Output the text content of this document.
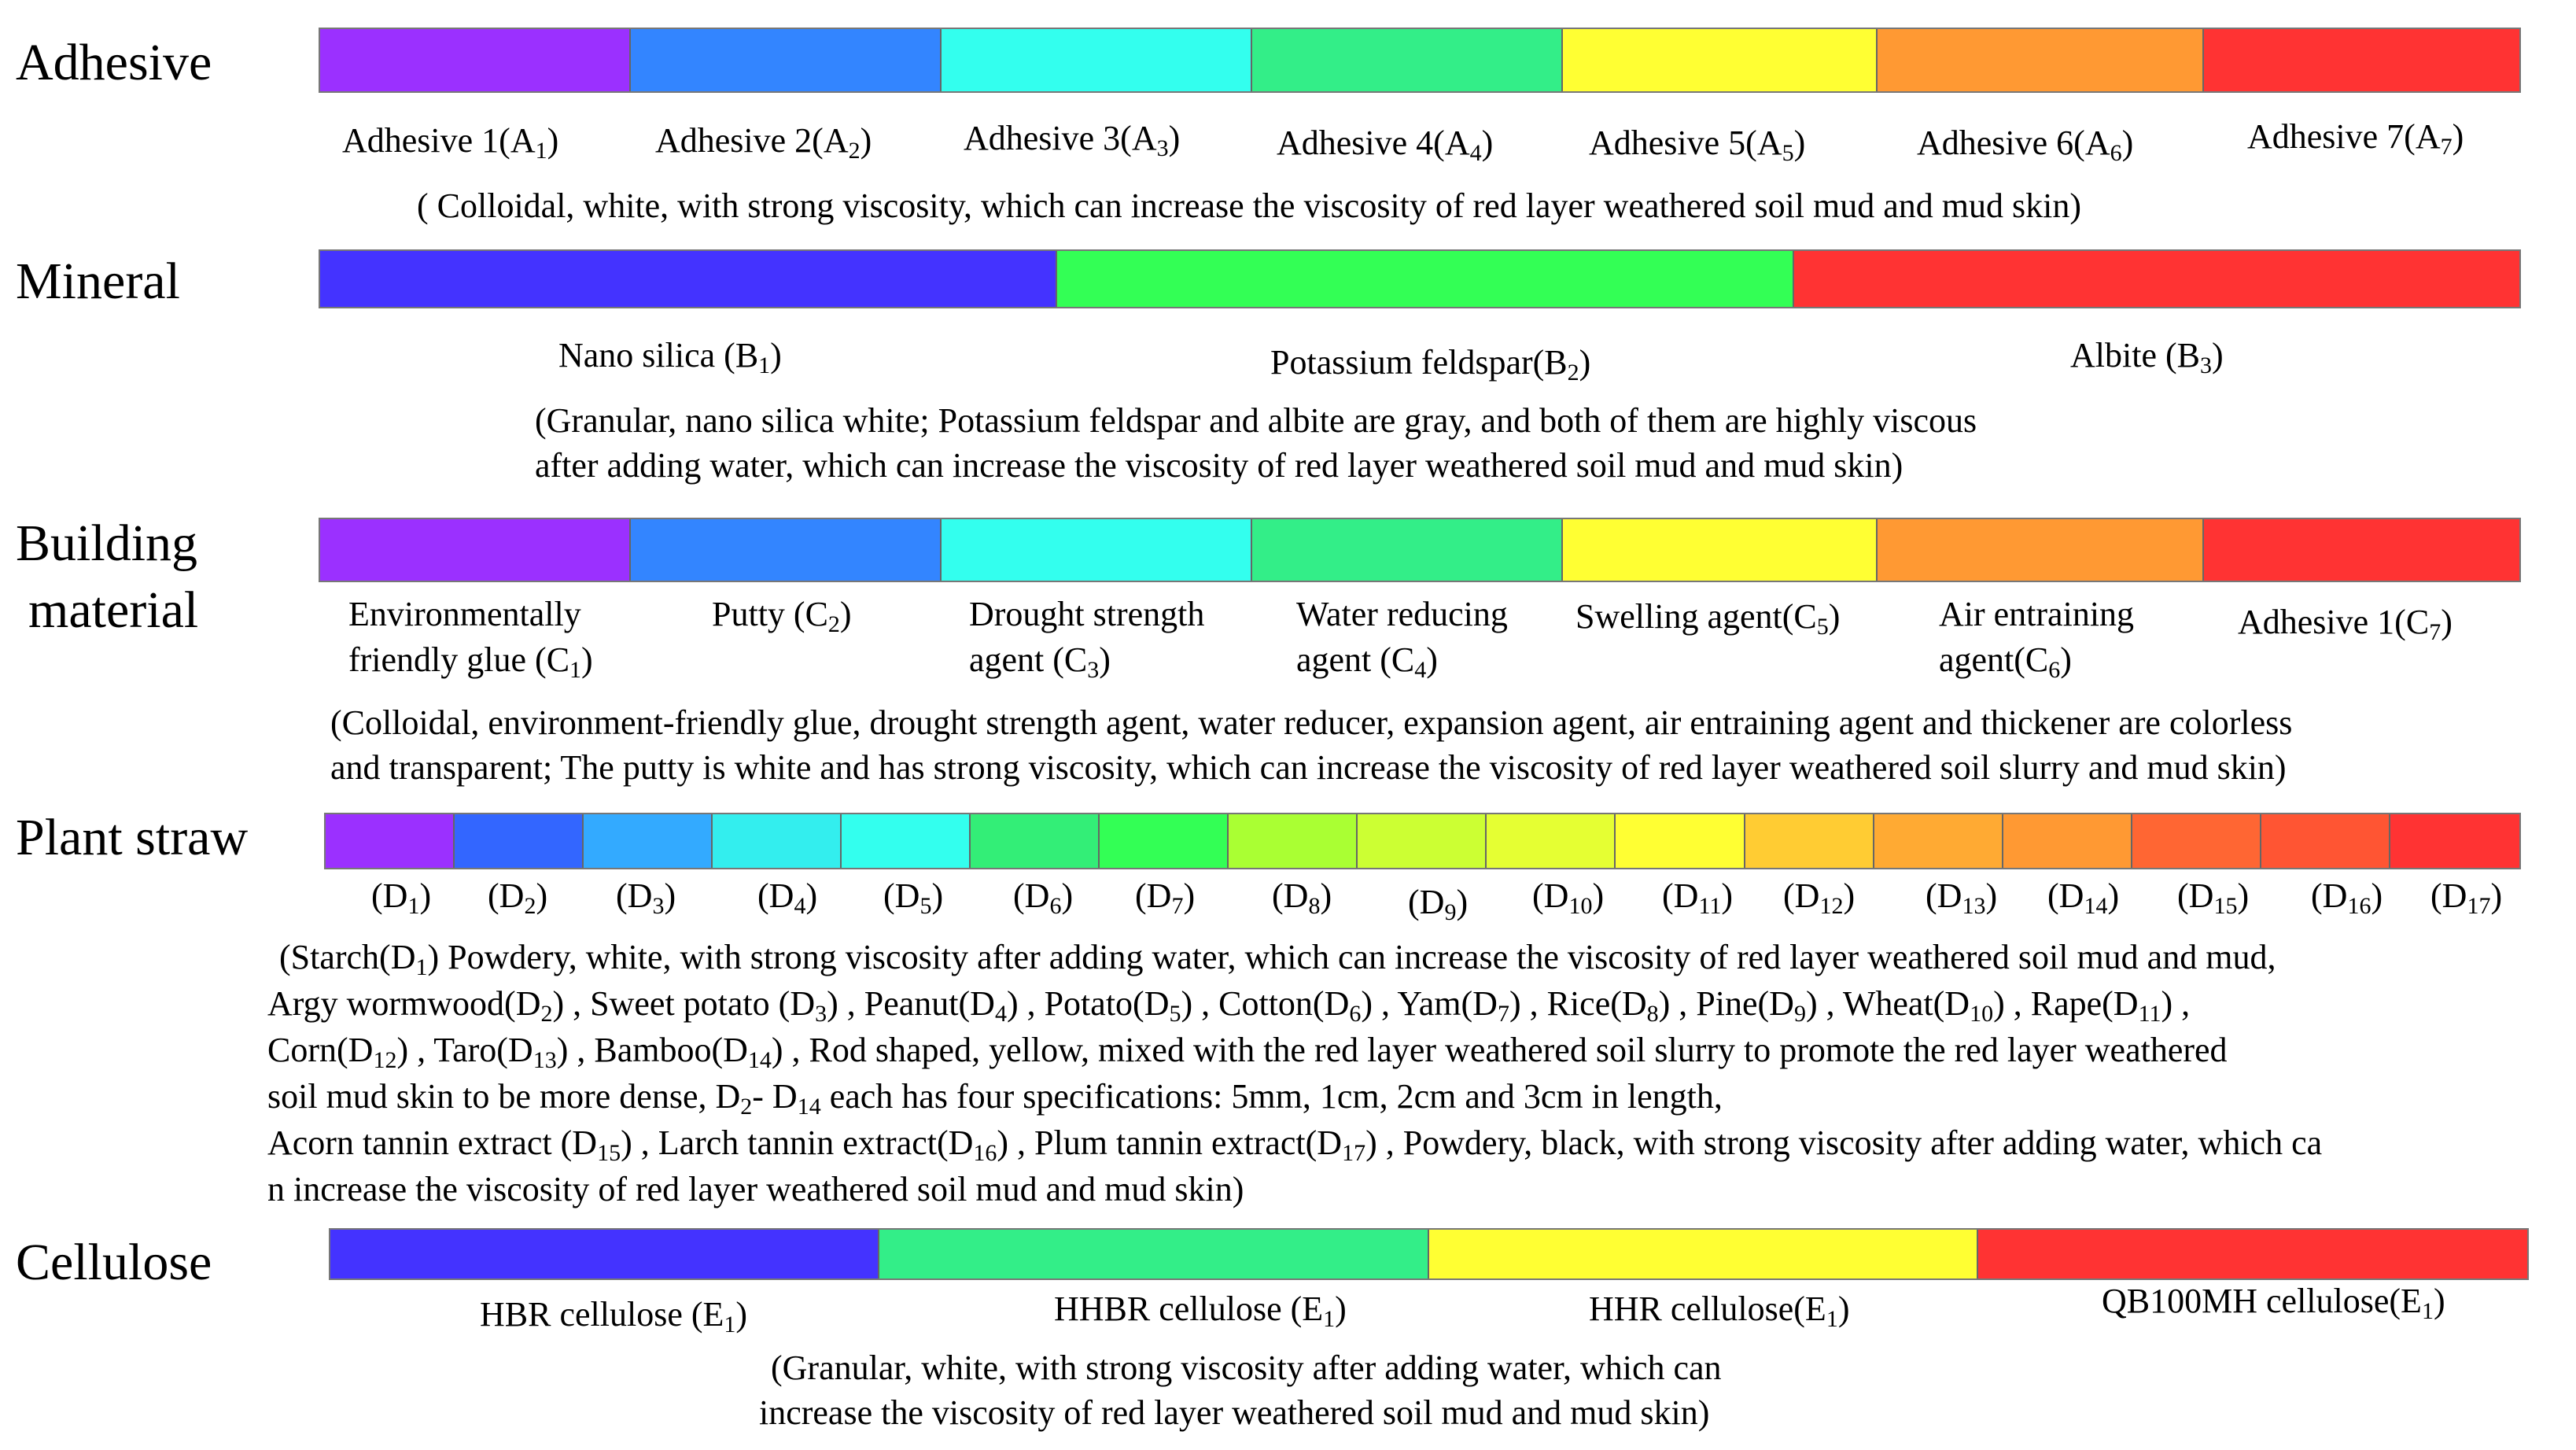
Adhesive
Adhesive $1(A_1)$	Adhesive $2(A_2)$	Adhesive $3(A_3)$	Adhesive $4(A_4)$	Adhesive $5(A_5)$	Adhesive $6(A_6)$	Adhesive $7(A_7)$
( Colloidal, white, with strong viscosity, which can increase the viscosity of red layer weathered soil mud and mud skin)
Mineral
Nano silica $(B_1)$	Potassium $feldspar(B_2)$	Albite $(B_3)$
(Granular, nano silica white; Potassium feldspar and albite are gray, and both of them are highly viscous
after adding water, which can increase the viscosity of red layer weathered soil mud and mud skin)
Building
material	Environmentally
friendly glue $(C_1)$
Putty $(C_2)$	Drought strength
agent $(C_3)$
Water reducing
agent $(C_4)$
Swelling $agent(C_5)$	Air entraining
$agent(C_6)$
Adhesive $1(C_7)$
(Colloidal, environment-friendly glue, drought strength agent, water reducer, expansion agent, air entraining agent and thickener are colorless
and transparent; The putty is white and has strong viscosity, which can increase the viscosity of red layer weathered soil slurry and mud skin)
Plant straw
$(D_1)$ $(D_2)$ $(D_3)$ $(D_4)$ $(D_5)$ $(D_6)$ $(D_7)$ $(D_8)$ $(D_9)$ $(D_{10})$ $(D_{11})$ $(D_{12})$ $(D_{13})$ $(D_{14})$ $(D_{15})$ $(D_{16})$ $(D_{17})$
($Starch(D_1)$ Powdery, white, with strong viscosity after adding water, which can increase the viscosity of red layer weathered soil mud and mud,
Argy $wormwood(D_2)$ , Sweet potato $(D_3)$ , $Peanut(D_4)$ , $Potato(D_5)$ , $Cotton(D_6)$ , $Yam(D_7)$ , $Rice(D_8)$ , $Pine(D_9)$ , $Wheat(D_{10})$ , $Rape(D_{11})$ ,
$Corn(D_{12})$ , $Taro(D_{13})$ , $Bamboo(D_{14})$ , Rod shaped, yellow, mixed with the red layer weathered soil slurry to promote the red layer weathered
soil mud skin to be more dense, $D_2-$ $D_{14}$ each has four specifications: 5mm, 1cm, 2cm and 3cm in length,
Acorn tannin extract $(D_{15})$ , Larch tannin $extract(D_{16})$ , Plum tannin $extract(D_{17})$ , Powdery, black, with strong viscosity after adding water, which ca
n increase the viscosity of red layer weathered soil mud and mud skin)
Cellulose
HBR cellulose $(E_1)$	HHBR cellulose $(E_1)$	HHR $cellulose(E_1)$	QB100MH $cellulose(E_1)$
(Granular, white, with strong viscosity after adding water, which can
increase the viscosity of red layer weathered soil mud and mud skin)
